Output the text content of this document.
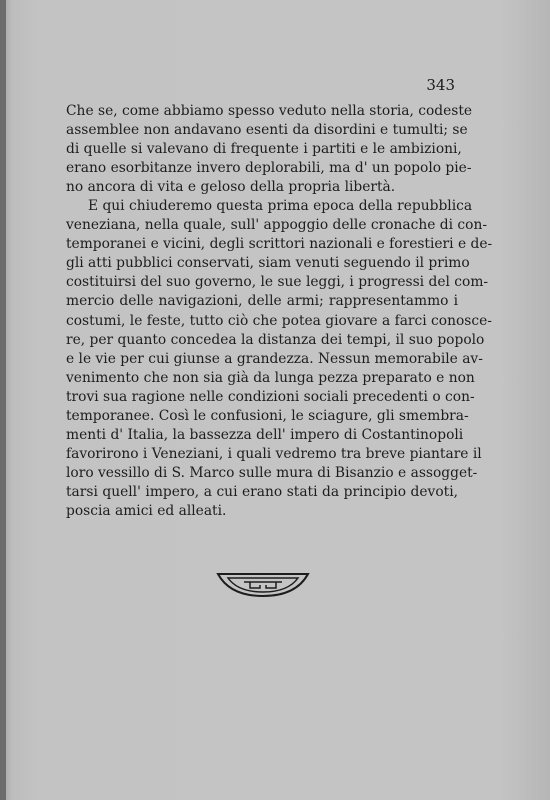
343
Che se, come abbiamo spesso veduto nella storia, codeste
assemblee non andavano esenti da disordini e tumulti; se
di quelle si valevano di frequente i partiti e le ambizioni,
erano esorbitanze invero deplorabili, ma d' un popolo pie-
no ancora di vita e geloso della propria libertà.
E qui chiuderemo questa prima epoca della repubblica
veneziana, nella quale, sull' appoggio delle cronache di con-
temporanei e vicini, degli scrittori nazionali e forestieri e de-
gli atti pubblici conservati, siam venuti seguendo il primo
costituirsi del suo governo, le sue leggi, i progressi del com-
mercio delle navigazioni, delle armi; rappresentammo i
costumi, le feste, tutto ciò che potea giovare a farci conosce-
re, per quanto concedea la distanza dei tempi, il suo popolo
e le vie per cui giunse a grandezza. Nessun memorabile av-
venimento che non sia già da lunga pezza preparato e non
trovi sua ragione nelle condizioni sociali precedenti o con-
temporanee. Così le confusioni, le sciagure, gli smembra-
menti d' Italia, la bassezza dell' impero di Costantinopoli
favorirono i Veneziani, i quali vedremo tra breve piantare il
loro vessillo di S. Marco sulle mura di Bisanzio e assogget-
tarsi quell' impero, a cui erano stati da principio devoti,
poscia amici ed alleati.
